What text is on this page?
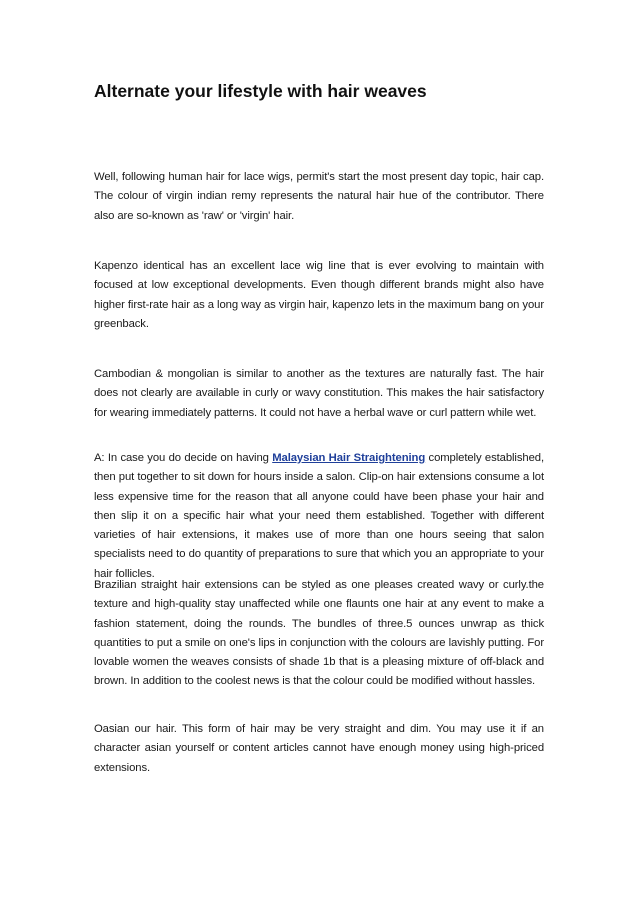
Alternate your lifestyle with hair weaves

Well, following human hair for lace wigs, permit's start the most present day topic, hair cap. The colour of virgin indian remy represents the natural hair hue of the contributor. There also are so-known as 'raw' or 'virgin' hair.

Kapenzo identical has an excellent lace wig line that is ever evolving to maintain with focused at low exceptional developments. Even though different brands might also have higher first-rate hair as a long way as virgin hair, kapenzo lets in the maximum bang on your greenback.

Cambodian & mongolian is similar to another as the textures are naturally fast. The hair does not clearly are available in curly or wavy constitution. This makes the hair satisfactory for wearing immediately patterns. It could not have a herbal wave or curl pattern while wet.

A: In case you do decide on having Malaysian Hair Straightening completely established, then put together to sit down for hours inside a salon. Clip-on hair extensions consume a lot less expensive time for the reason that all anyone could have been phase your hair and then slip it on a specific hair what your need them established. Together with different varieties of hair extensions, it makes use of more than one hours seeing that salon specialists need to do quantity of preparations to sure that which you an appropriate to your hair follicles.

Brazilian straight hair extensions can be styled as one pleases created wavy or curly.the texture and high-quality stay unaffected while one flaunts one hair at any event to make a fashion statement, doing the rounds. The bundles of three.5 ounces unwrap as thick quantities to put a smile on one's lips in conjunction with the colours are lavishly putting. For lovable women the weaves consists of shade 1b that is a pleasing mixture of off-black and brown. In addition to the coolest news is that the colour could be modified without hassles.

Oasian our hair. This form of hair may be very straight and dim. You may use it if an character asian yourself or content articles cannot have enough money using high-priced extensions.
